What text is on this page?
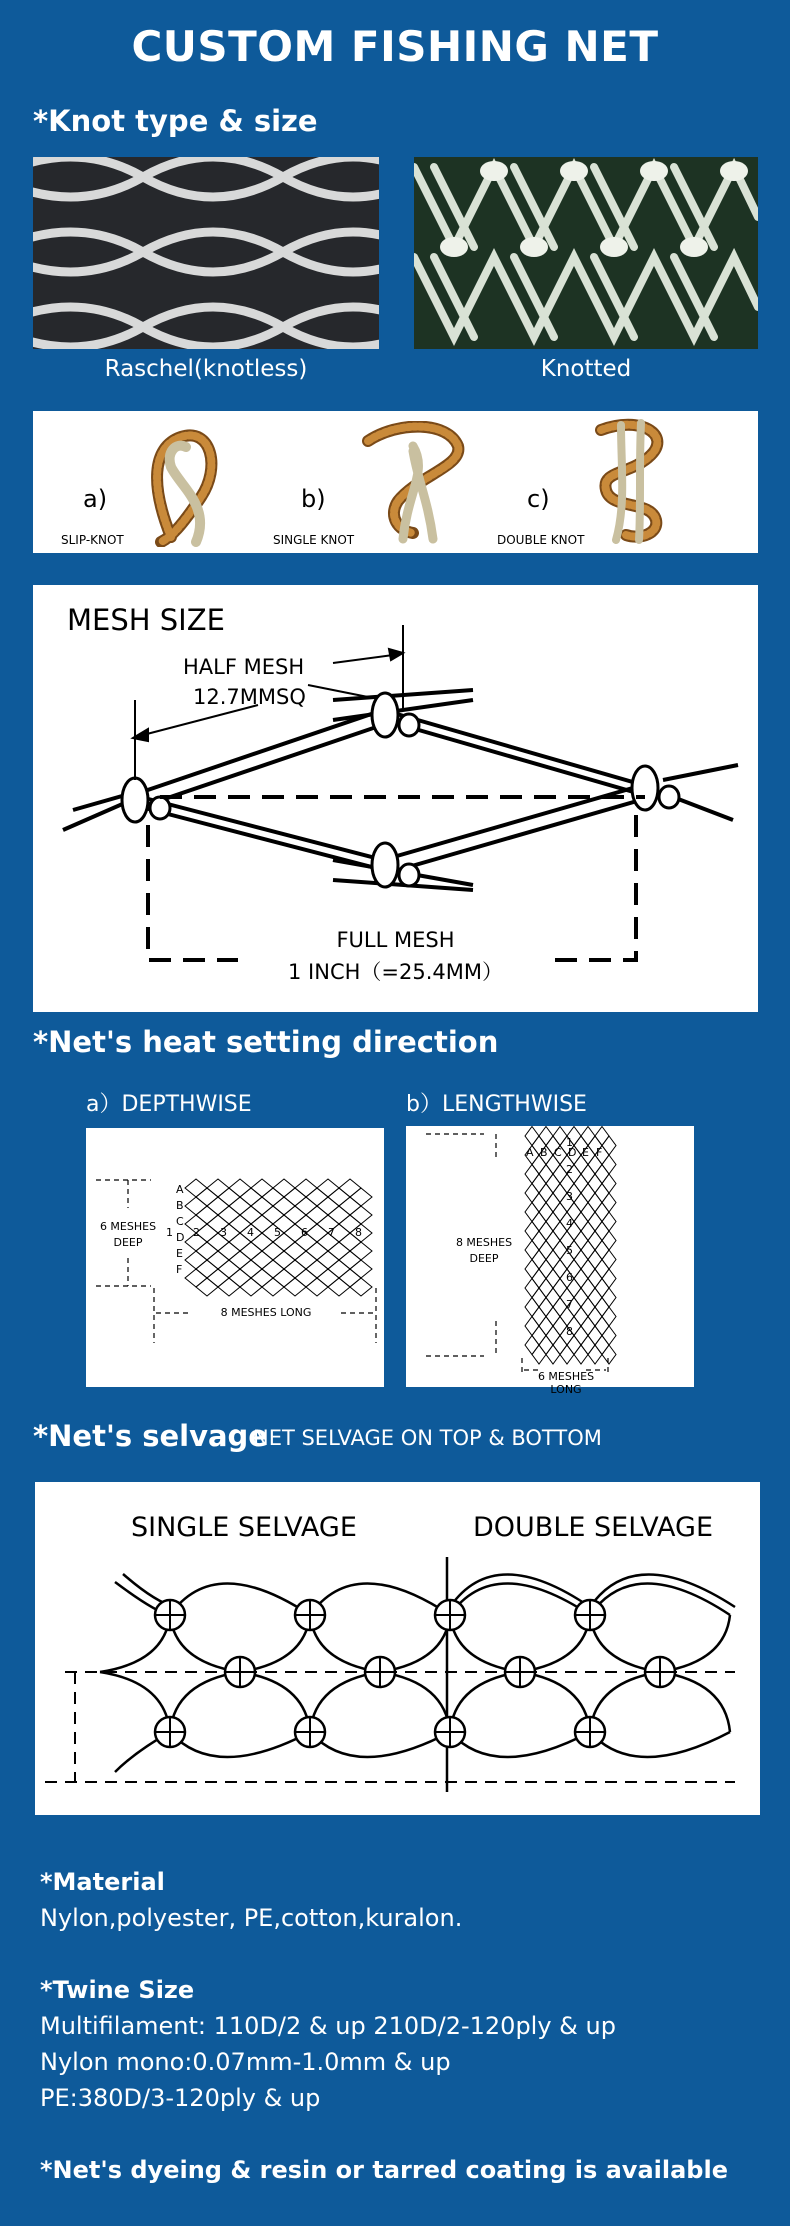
CUSTOM FISHING NET
*Knot type & size
Raschel(knotless)	Knotted
a)
SLIP-KNOT
b)
SINGLE KNOT
c)
DOUBLE KNOT
MESH SIZE
HALF MESH
12.7MMSQ
FULL MESH
1 INCH（=25.4MM）
*Net's heat setting direction
a）DEPTHWISE	b）LENGTHWISE
6 MESHES
DEEP
8 MESHES LONG
A
B
C
D
E
F
1 2 3 4 5 6 7 8
8 MESHES
DEEP
6 MESHES LONG
1
2
3
4
5
6
7
8
A B C D E F
*Net's selvage
NET SELVAGE ON TOP & BOTTOM
SINGLE SELVAGE	DOUBLE SELVAGE
*Material
Nylon,polyester, PE,cotton,kuralon.
*Twine Size
Multifilament: 110D/2 & up 210D/2-120ply & up
Nylon mono:0.07mm-1.0mm & up
PE:380D/3-120ply & up
*Net's dyeing & resin or tarred coating is available
